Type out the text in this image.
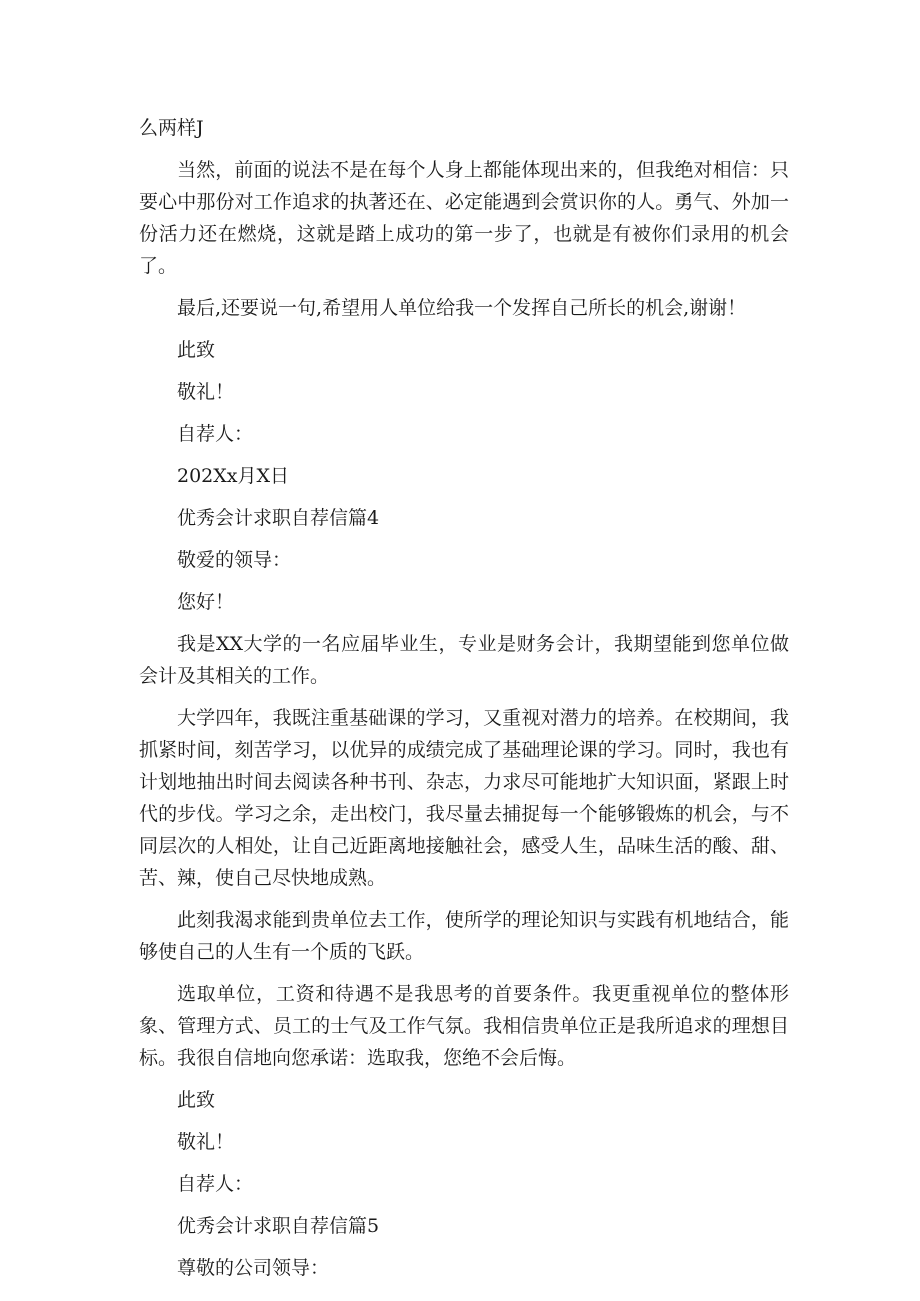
么两样J

当然，前面的说法不是在每个人身上都能体现出来的，但我绝对相信：只要心中那份对工作追求的执著还在、必定能遇到会赏识你的人。勇气、外加一份活力还在燃烧，这就是踏上成功的第一步了，也就是有被你们录用的机会了。

最后,还要说一句,希望用人单位给我一个发挥自己所长的机会,谢谢！

此致

敬礼！

自荐人：

202Xx月X日

优秀会计求职自荐信篇4

敬爱的领导：

您好！

我是XX大学的一名应届毕业生，专业是财务会计，我期望能到您单位做会计及其相关的工作。

大学四年，我既注重基础课的学习，又重视对潜力的培养。在校期间，我抓紧时间，刻苦学习，以优异的成绩完成了基础理论课的学习。同时，我也有计划地抽出时间去阅读各种书刊、杂志，力求尽可能地扩大知识面，紧跟上时代的步伐。学习之余，走出校门，我尽量去捕捉每一个能够锻炼的机会，与不同层次的人相处，让自己近距离地接触社会，感受人生，品味生活的酸、甜、苦、辣，使自己尽快地成熟。

此刻我渴求能到贵单位去工作，使所学的理论知识与实践有机地结合，能够使自己的人生有一个质的飞跃。

选取单位，工资和待遇不是我思考的首要条件。我更重视单位的整体形象、管理方式、员工的士气及工作气氛。我相信贵单位正是我所追求的理想目标。我很自信地向您承诺：选取我，您绝不会后悔。

此致

敬礼！

自荐人：

优秀会计求职自荐信篇5

尊敬的公司领导：
